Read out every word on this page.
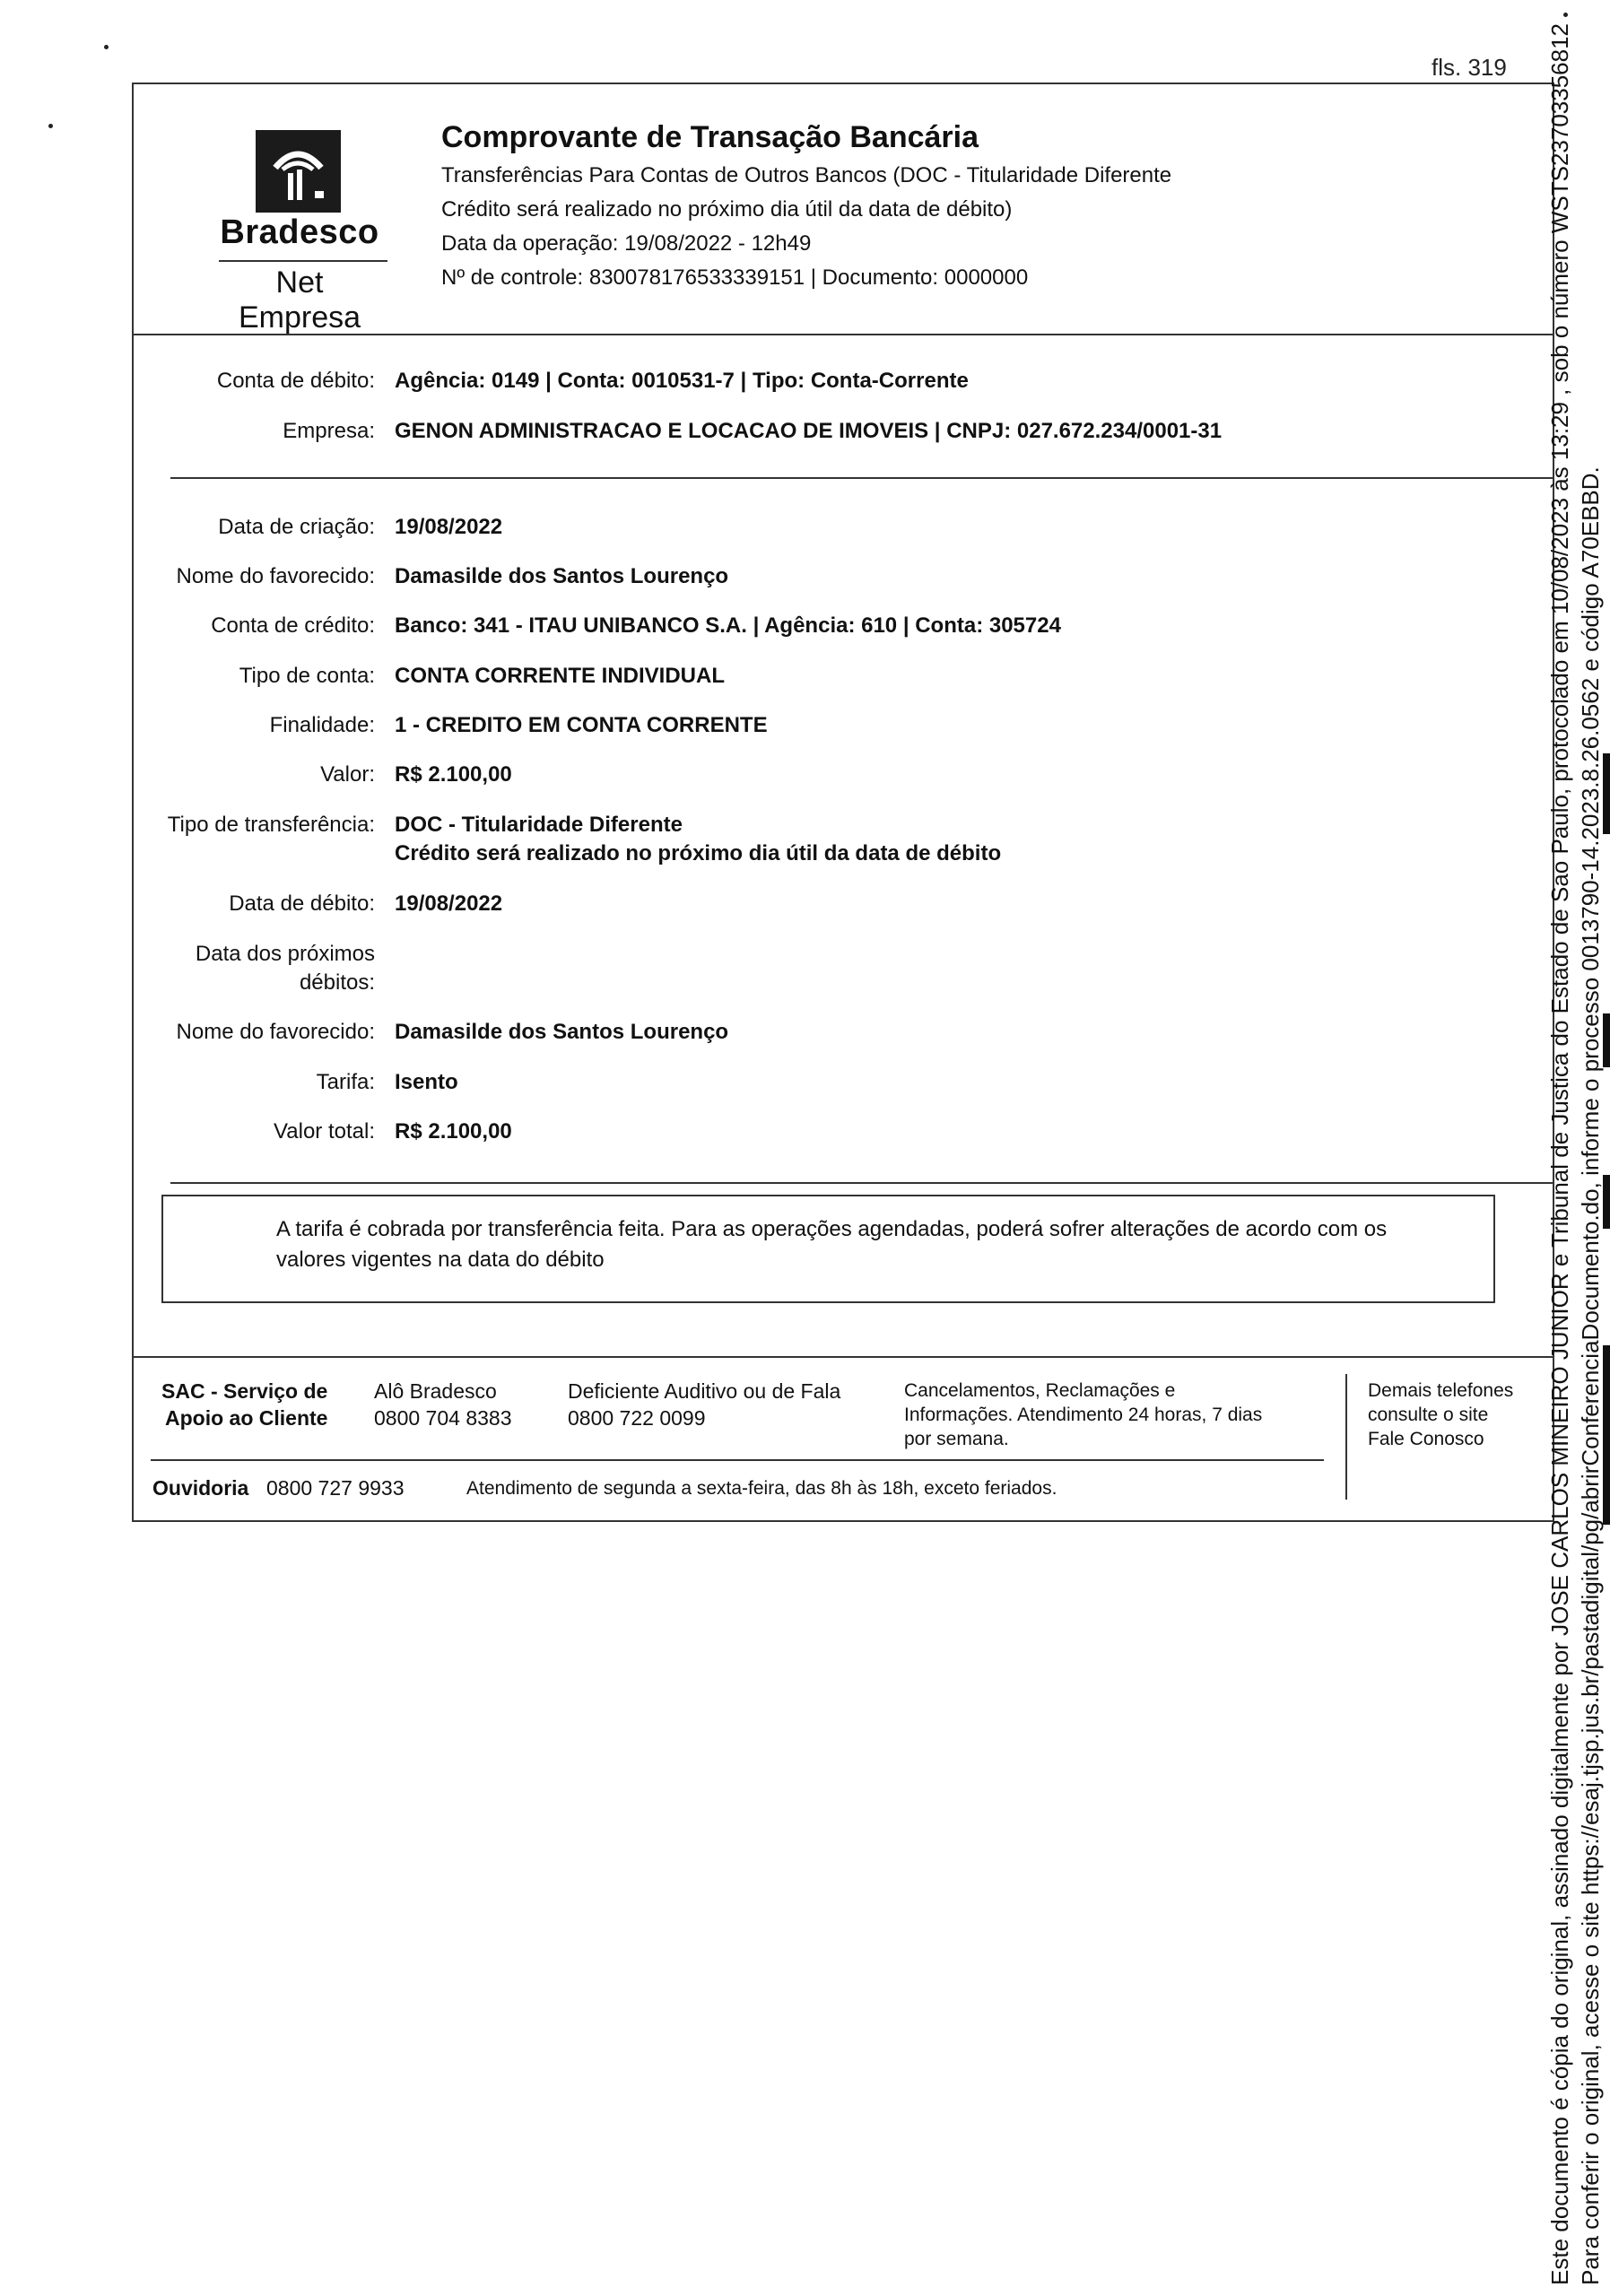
fls. 319
Bradesco
Net Empresa
Comprovante de Transação Bancária
Transferências Para Contas de Outros Bancos (DOC - Titularidade Diferente
Crédito será realizado no próximo dia útil da data de débito)
Data da operação: 19/08/2022 - 12h49
Nº de controle: 830078176533339151 | Documento: 0000000
Conta de débito: Agência: 0149 | Conta: 0010531-7 | Tipo: Conta-Corrente
Empresa: GENON ADMINISTRACAO E LOCACAO DE IMOVEIS | CNPJ: 027.672.234/0001-31
Data de criação: 19/08/2022
Nome do favorecido: Damasilde dos Santos Lourenço
Conta de crédito: Banco: 341 - ITAU UNIBANCO S.A. | Agência: 610 | Conta: 305724
Tipo de conta: CONTA CORRENTE INDIVIDUAL
Finalidade: 1 - CREDITO EM CONTA CORRENTE
Valor: R$ 2.100,00
Tipo de transferência: DOC - Titularidade Diferente
Crédito será realizado no próximo dia útil da data de débito
Data de débito: 19/08/2022
Data dos próximos
débitos:
Nome do favorecido: Damasilde dos Santos Lourenço
Tarifa: Isento
Valor total: R$ 2.100,00
A tarifa é cobrada por transferência feita. Para as operações agendadas, poderá sofrer alterações de acordo com os
valores vigentes na data do débito
SAC - Serviço de
Apoio ao Cliente
Alô Bradesco
0800 704 8383
Deficiente Auditivo ou de Fala
0800 722 0099
Cancelamentos, Reclamações e
Informações. Atendimento 24 horas, 7 dias
por semana.
Demais telefones
consulte o site
Fale Conosco
Ouvidoria 0800 727 9933	Atendimento de segunda a sexta-feira, das 8h às 18h, exceto feriados.	Este documento é cópia do original, assinado digitalmente por JOSE CARLOS MINEIRO JUNIOR e Tribunal de Justica do Estado de Sao Paulo, protocolado em 10/08/2023 às 13:29 , sob o número WSTS23703356812 Para conferir o original, acesse o site https://esaj.tjsp.jus.br/pastadigital/pg/abrirConferenciaDocumento.do, informe o processo 0013790-14.2023.8.26.0562 e código A70EBBD.
